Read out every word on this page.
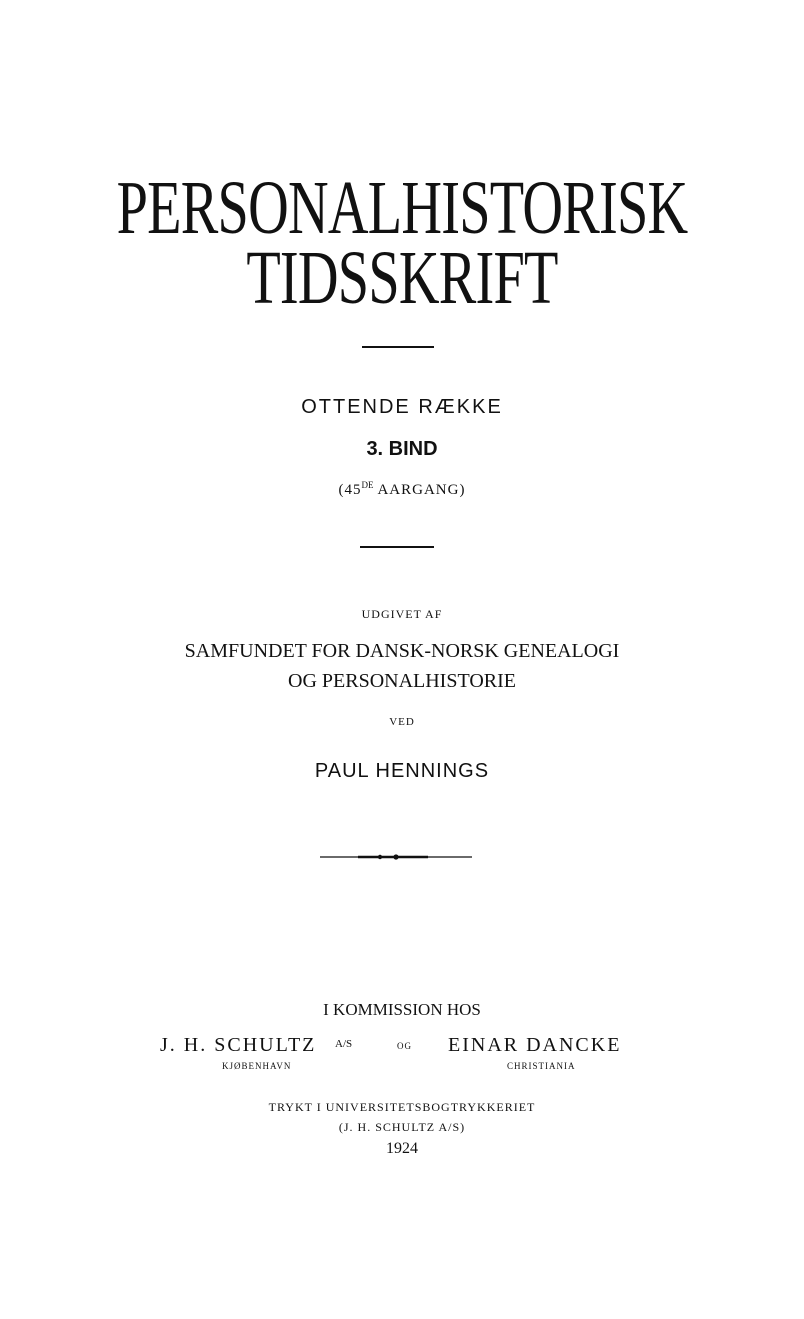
PERSONALHISTORISK
TIDSSKRIFT
OTTENDE RÆKKE
3. BIND
(45DE AARGANG)
UDGIVET AF
SAMFUNDET FOR DANSK-NORSK GENEALOGI
OG PERSONALHISTORIE
VED
PAUL HENNINGS
I KOMMISSION HOS
J. H. SCHULTZ A/S	OG EINAR DANCKE
KJØBENHAVN	CHRISTIANIA
TRYKT I UNIVERSITETSBOGTRYKKERIET
(J. H. SCHULTZ A/S)
1924
